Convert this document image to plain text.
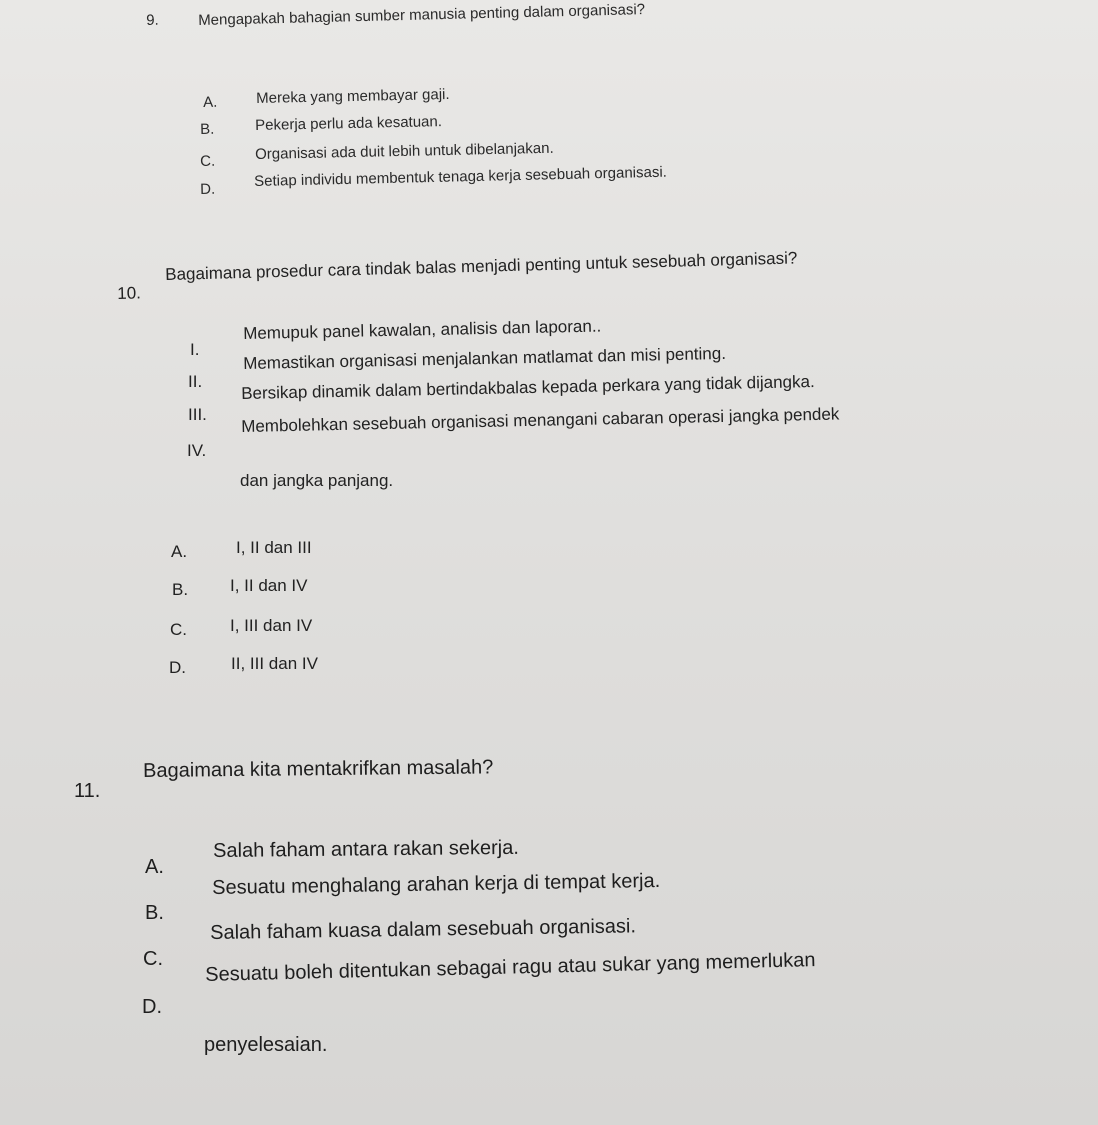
9.	Mengapakah bahagian sumber manusia penting dalam organisasi?
A.	Mereka yang membayar gaji.
B.	Pekerja perlu ada kesatuan.
C.	Organisasi ada duit lebih untuk dibelanjakan.
D.	Setiap individu membentuk tenaga kerja sesebuah organisasi.
10.
Bagaimana prosedur cara tindak balas menjadi penting untuk sesebuah organisasi?
I.
Memupuk panel kawalan, analisis dan laporan..
II.
Memastikan organisasi menjalankan matlamat dan misi penting.
III.
Bersikap dinamik dalam bertindakbalas kepada perkara yang tidak dijangka.
IV.
Membolehkan sesebuah organisasi menangani cabaran operasi jangka pendek
dan jangka panjang.
A.	I, II dan III
B. I, II dan IV
C.	I, III dan IV
D.	II, III dan IV
11.
Bagaimana kita mentakrifkan masalah?
A.
Salah faham antara rakan sekerja.
B.
Sesuatu menghalang arahan kerja di tempat kerja.
C.
Salah faham kuasa dalam sesebuah organisasi.
D.
Sesuatu boleh ditentukan sebagai ragu atau sukar yang memerlukan
penyelesaian.
